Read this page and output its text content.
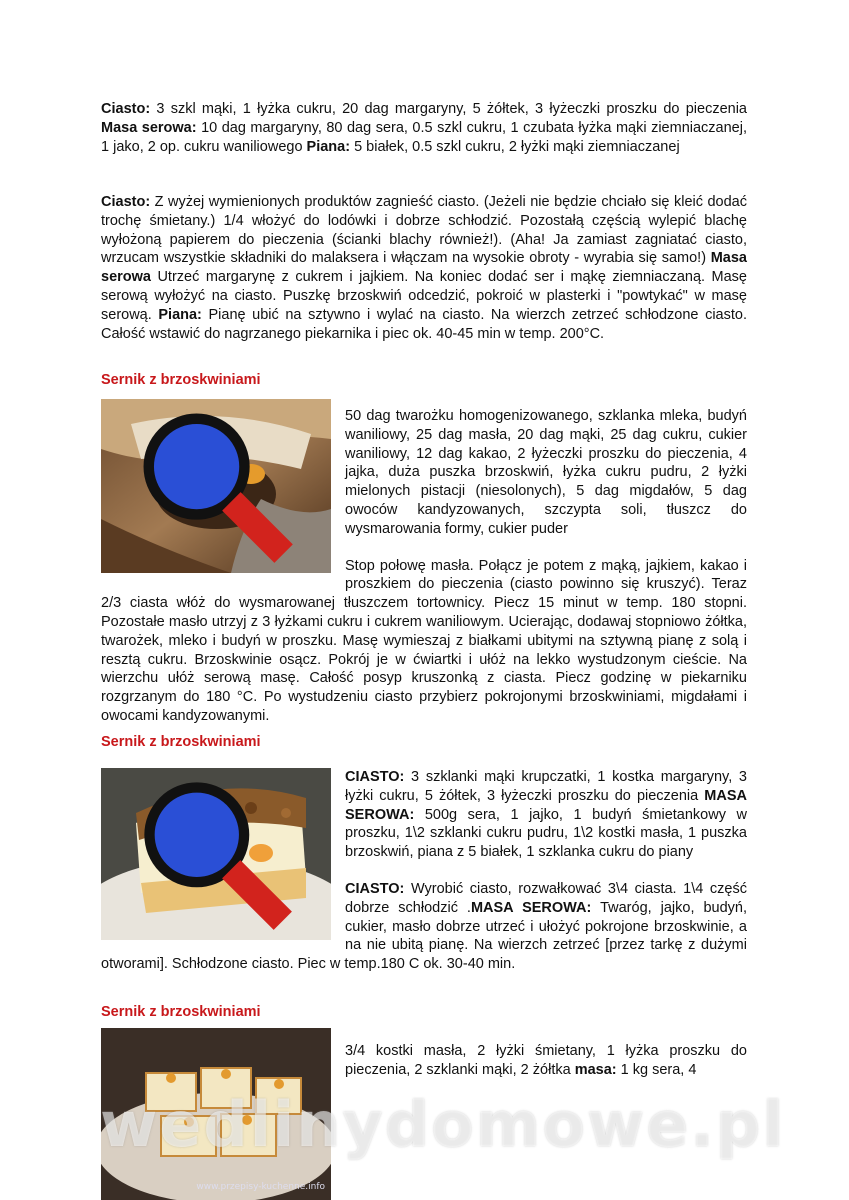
Ciasto: 3 szkl mąki, 1 łyżka cukru, 20 dag margaryny, 5 żółtek, 3 łyżeczki proszku do pieczenia Masa serowa: 10 dag margaryny, 80 dag sera, 0.5 szkl cukru, 1 czubata łyżka mąki ziemniaczanej, 1 jako, 2 op. cukru waniliowego Piana: 5 białek, 0.5 szkl cukru, 2 łyżki mąki ziemniaczanej

Ciasto: Z wyżej wymienionych produktów zagnieść ciasto. (Jeżeli nie będzie chciało się kleić dodać trochę śmietany.) 1/4 włożyć do lodówki i dobrze schłodzić. Pozostałą częścią wylepić blachę wyłożoną papierem do pieczenia (ścianki blachy również!). (Aha! Ja zamiast zagniatać ciasto, wrzucam wszystkie składniki do malaksera i włączam na wysokie obroty - wyrabia się samo!) Masa serowa Utrzeć margarynę z cukrem i jajkiem. Na koniec dodać ser i mąkę ziemniaczaną. Masę serową wyłożyć na ciasto. Puszkę brzoskwiń odcedzić, pokroić w plasterki i "powtykać" w masę serową. Piana: Pianę ubić na sztywno i wylać na ciasto. Na wierzch zetrzeć schłodzone ciasto. Całość wstawić do nagrzanego piekarnika i piec ok. 40-45 min w temp. 200°C.

Sernik z brzoskwiniami

50 dag twarożku homogenizowanego, szklanka mleka, budyń waniliowy, 25 dag masła, 20 dag mąki, 25 dag cukru, cukier waniliowy, 12 dag kakao, 2 łyżeczki proszku do pieczenia, 4 jajka, duża puszka brzoskwiń, łyżka cukru pudru, 2 łyżki mielonych pistacji (niesolonych), 5 dag migdałów, 5 dag owoców kandyzowanych, szczypta soli, tłuszcz do wysmarowania formy, cukier puder

Stop połowę masła. Połącz je potem z mąką, jajkiem, kakao i proszkiem do pieczenia (ciasto powinno się kruszyć). Teraz 2/3 ciasta włóż do wysmarowanej tłuszczem tortownicy. Piecz 15 minut w temp. 180 stopni. Pozostałe masło utrzyj z 3 łyżkami cukru i cukrem waniliowym. Ucierając, dodawaj stopniowo żółtka, twarożek, mleko i budyń w proszku. Masę wymieszaj z białkami ubitymi na sztywną pianę z solą i resztą cukru. Brzoskwinie osącz. Pokrój je w ćwiartki i ułóż na lekko wystudzonym cieście. Na wierzchu ułóż serową masę. Całość posyp kruszonką z ciasta. Piecz godzinę w piekarniku rozgrzanym do 180 °C. Po wystudzeniu ciasto przybierz pokrojonymi brzoskwiniami, migdałami i owocami kandyzowanymi.

Sernik z brzoskwiniami

CIASTO: 3 szklanki mąki krupczatki, 1 kostka margaryny, 3 łyżki cukru, 5 żółtek, 3 łyżeczki proszku do pieczenia MASA SEROWA: 500g sera, 1 jajko, 1 budyń śmietankowy w proszku, 1\2 szklanki cukru pudru, 1\2 kostki masła, 1 puszka brzoskwiń, piana z 5 białek, 1 szklanka cukru do piany

CIASTO: Wyrobić ciasto, rozwałkować 3\4 ciasta. 1\4 część dobrze schłodzić .MASA SEROWA: Twaróg, jajko, budyń, cukier, masło dobrze utrzeć i ułożyć pokrojone brzoskwinie, a na nie ubitą pianę. Na wierzch zetrzeć [przez tarkę z dużymi otworami]. Schłodzone ciasto. Piec w temp.180 C ok. 30-40 min.

Sernik z brzoskwiniami
www.przepisy-kuchenne.info

3/4 kostki masła, 2 łyżki śmietany, 1 łyżka proszku do pieczenia, 2 szklanki mąki, 2 żółtka masa: 1 kg sera, 4

wedlinydomowe.pl
